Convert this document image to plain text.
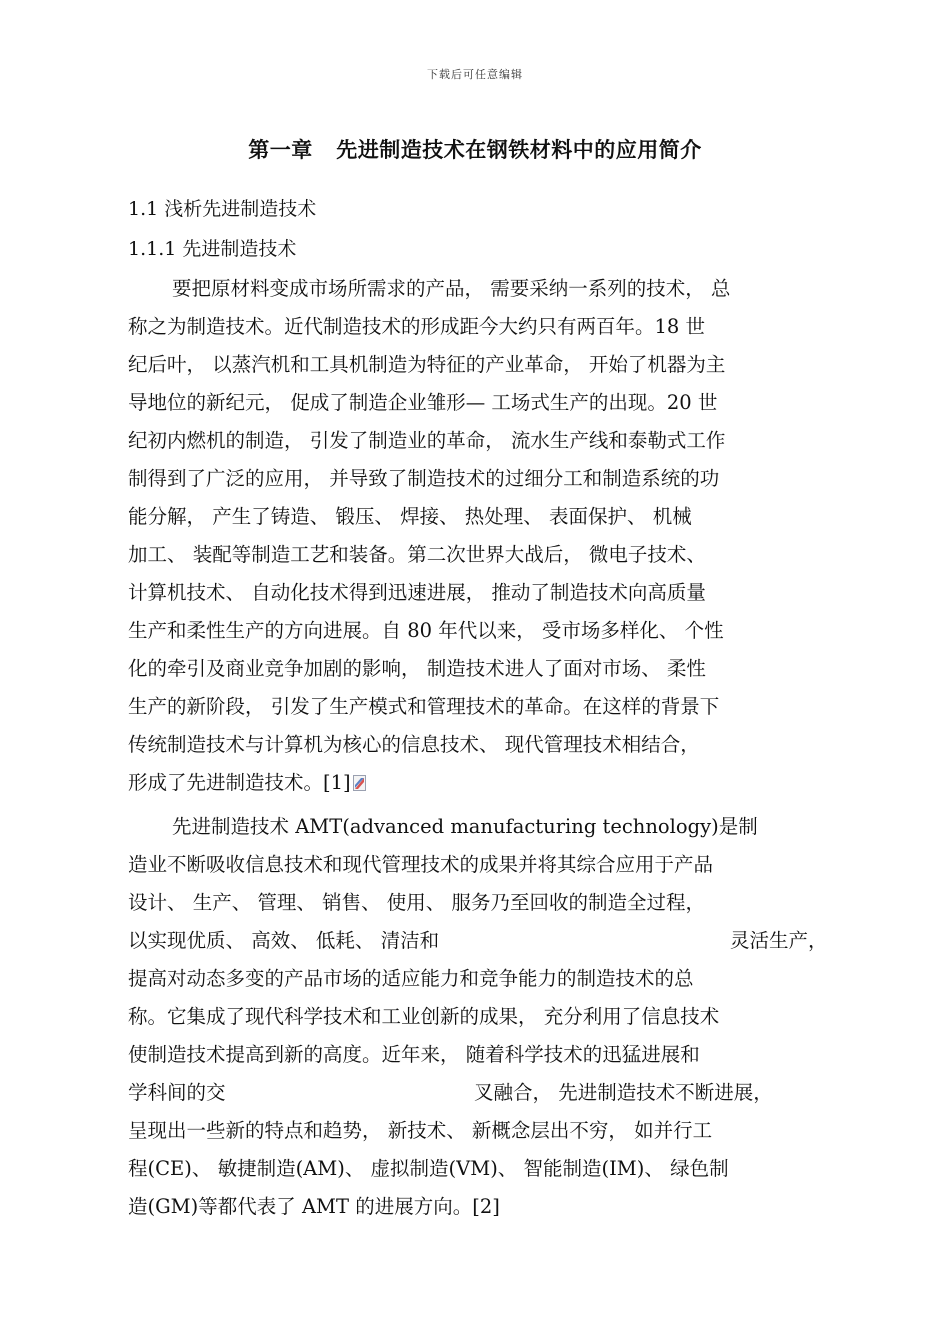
下载后可任意编辑
第一章   先进制造技术在钢铁材料中的应用简介
1.1 浅析先进制造技术
1.1.1 先进制造技术
要把原材料变成市场所需求的产品， 需要采纳一系列的技术， 总
称之为制造技术。近代制造技术的形成距今大约只有两百年。18 世
纪后叶， 以蒸汽机和工具机制造为特征的产业革命， 开始了机器为主
导地位的新纪元， 促成了制造企业雏形— 工场式生产的出现。20 世
纪初内燃机的制造， 引发了制造业的革命， 流水生产线和泰勒式工作
制得到了广泛的应用， 并导致了制造技术的过细分工和制造系统的功
能分解， 产生了铸造、 锻压、 焊接、 热处理、 表面保护、 机械
加工、 装配等制造工艺和装备。第二次世界大战后， 微电子技术、
计算机技术、 自动化技术得到迅速进展， 推动了制造技术向高质量
生产和柔性生产的方向进展。自 80 年代以来， 受市场多样化、 个性
化的牵引及商业竞争加剧的影响， 制造技术进人了面对市场、 柔性
生产的新阶段， 引发了生产模式和管理技术的革命。在这样的背景下
传统制造技术与计算机为核心的信息技术、 现代管理技术相结合，
形成了先进制造技术。[1]
先进制造技术 AMT(advanced manufacturing technology)是制
造业不断吸收信息技术和现代管理技术的成果并将其综合应用于产品
设计、 生产、 管理、 销售、 使用、 服务乃至回收的制造全过程，
以实现优质、 高效、 低耗、 清洁和	灵活生产，
提高对动态多变的产品市场的适应能力和竞争能力的制造技术的总
称。它集成了现代科学技术和工业创新的成果， 充分利用了信息技术
使制造技术提高到新的高度。近年来， 随着科学技术的迅猛进展和
学科间的交	叉融合， 先进制造技术不断进展，
呈现出一些新的特点和趋势， 新技术、 新概念层出不穷， 如并行工
程(CE)、 敏捷制造(AM)、 虚拟制造(VM)、 智能制造(IM)、 绿色制
造(GM)等都代表了 AMT 的进展方向。[2]
